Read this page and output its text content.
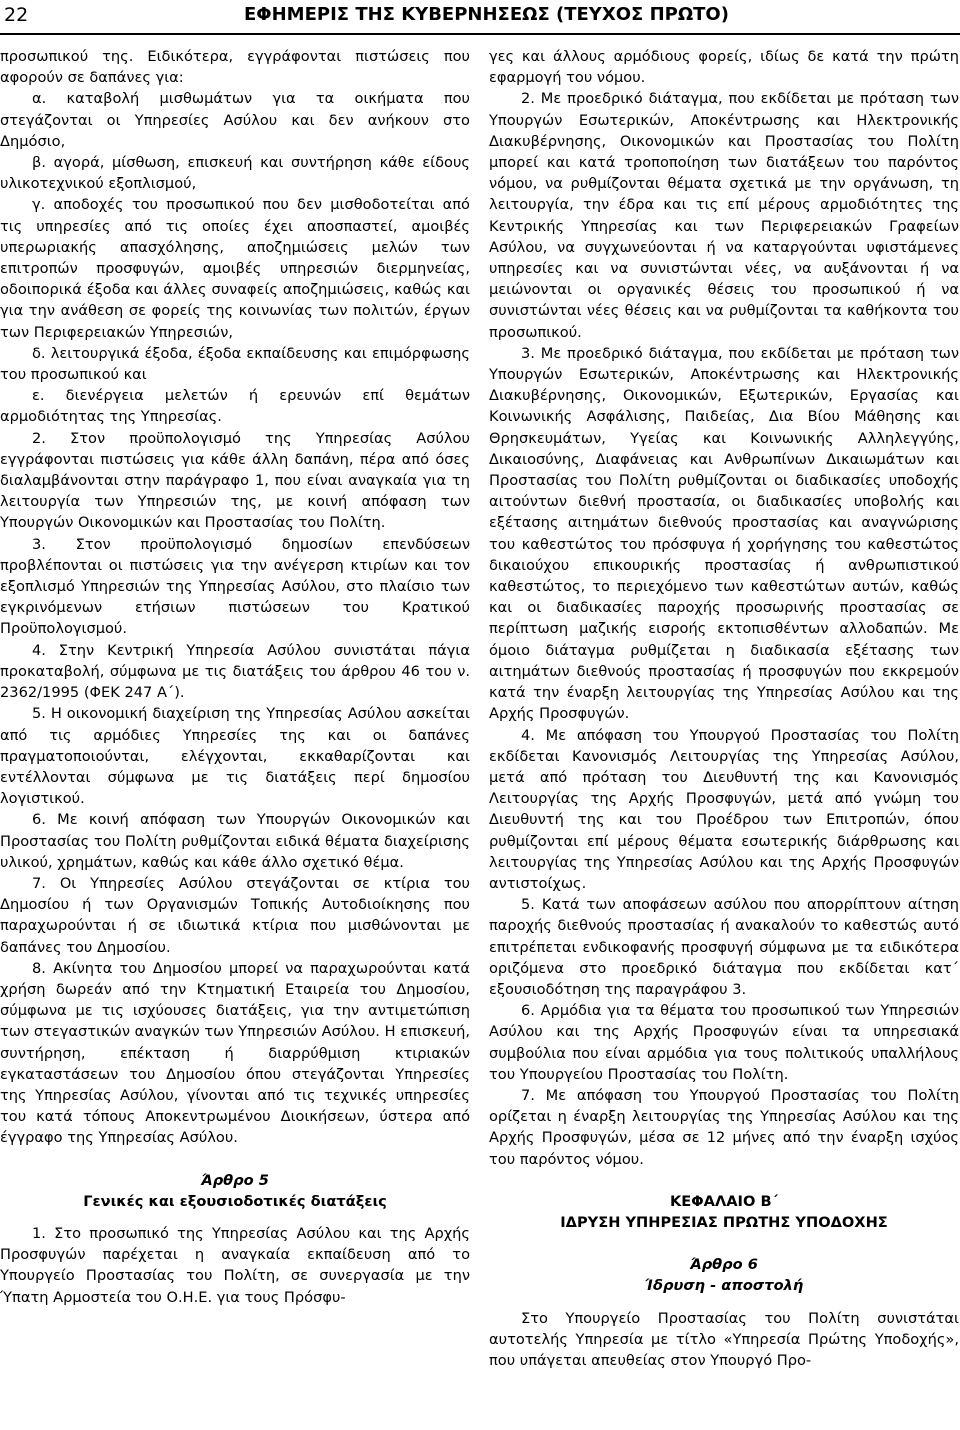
22	ΕΦΗΜΕΡΙΣ ΤΗΣ ΚΥΒΕΡΝΗΣΕΩΣ (ΤΕΥΧΟΣ ΠΡΩΤΟ)

προσωπικού της. Ειδικότερα, εγγράφονται πιστώσεις που αφορούν σε δαπάνες για:

α. καταβολή μισθωμάτων για τα οικήματα που στεγάζονται οι Υπηρεσίες Ασύλου και δεν ανήκουν στο Δημόσιο,

β. αγορά, μίσθωση, επισκευή και συντήρηση κάθε είδους υλικοτεχνικού εξοπλισμού,

γ. αποδοχές του προσωπικού που δεν μισθοδοτείται από τις υπηρεσίες από τις οποίες έχει αποσπαστεί, αμοιβές υπερωριακής απασχόλησης, αποζημιώσεις μελών των επιτροπών προσφυγών, αμοιβές υπηρεσιών διερμηνείας, οδοιπορικά έξοδα και άλλες συναφείς αποζημιώσεις, καθώς και για την ανάθεση σε φορείς της κοινωνίας των πολιτών, έργων των Περιφερειακών Υπηρεσιών,

δ. λειτουργικά έξοδα, έξοδα εκπαίδευσης και επιμόρφωσης του προσωπικού και

ε. διενέργεια μελετών ή ερευνών επί θεμάτων αρμοδιότητας της Υπηρεσίας.

2. Στον προϋπολογισμό της Υπηρεσίας Ασύλου εγγράφονται πιστώσεις για κάθε άλλη δαπάνη, πέρα από όσες διαλαμβάνονται στην παράγραφο 1, που είναι αναγκαία για τη λειτουργία των Υπηρεσιών της, με κοινή απόφαση των Υπουργών Οικονομικών και Προστασίας του Πολίτη.

3. Στον προϋπολογισμό δημοσίων επενδύσεων προβλέπονται οι πιστώσεις για την ανέγερση κτιρίων και τον εξοπλισμό Υπηρεσιών της Υπηρεσίας Ασύλου, στο πλαίσιο των εγκρινόμενων ετήσιων πιστώσεων του Κρατικού Προϋπολογισμού.

4. Στην Κεντρική Υπηρεσία Ασύλου συνιστάται πάγια προκαταβολή, σύμφωνα με τις διατάξεις του άρθρου 46 του ν. 2362/1995 (ΦΕΚ 247 Α΄).

5. Η οικονομική διαχείριση της Υπηρεσίας Ασύλου ασκείται από τις αρμόδιες Υπηρεσίες της και οι δαπάνες πραγματοποιούνται, ελέγχονται, εκκαθαρίζονται και εντέλλονται σύμφωνα με τις διατάξεις περί δημοσίου λογιστικού.

6. Με κοινή απόφαση των Υπουργών Οικονομικών και Προστασίας του Πολίτη ρυθμίζονται ειδικά θέματα διαχείρισης υλικού, χρημάτων, καθώς και κάθε άλλο σχετικό θέμα.

7. Οι Υπηρεσίες Ασύλου στεγάζονται σε κτίρια του Δημοσίου ή των Οργανισμών Τοπικής Αυτοδιοίκησης που παραχωρούνται ή σε ιδιωτικά κτίρια που μισθώνονται με δαπάνες του Δημοσίου.

8. Ακίνητα του Δημοσίου μπορεί να παραχωρούνται κατά χρήση δωρεάν από την Κτηματική Εταιρεία του Δημοσίου, σύμφωνα με τις ισχύουσες διατάξεις, για την αντιμετώπιση των στεγαστικών αναγκών των Υπηρεσιών Ασύλου. Η επισκευή, συντήρηση, επέκταση ή διαρρύθμιση κτιριακών εγκαταστάσεων του Δημοσίου όπου στεγάζονται Υπηρεσίες της Υπηρεσίας Ασύλου, γίνονται από τις τεχνικές υπηρεσίες του κατά τόπους Αποκεντρωμένου Διοικήσεων, ύστερα από έγγραφο της Υπηρεσίας Ασύλου.

Άρθρο 5

Γενικές και εξουσιοδοτικές διατάξεις

1. Στο προσωπικό της Υπηρεσίας Ασύλου και της Αρχής Προσφυγών παρέχεται η αναγκαία εκπαίδευση από το Υπουργείο Προστασίας του Πολίτη, σε συνεργασία με την Ύπατη Αρμοστεία του Ο.Η.Ε. για τους Πρόσφυ-

γες και άλλους αρμόδιους φορείς, ιδίως δε κατά την πρώτη εφαρμογή του νόμου.

2. Με προεδρικό διάταγμα, που εκδίδεται με πρόταση των Υπουργών Εσωτερικών, Αποκέντρωσης και Ηλεκτρονικής Διακυβέρνησης, Οικονομικών και Προστασίας του Πολίτη μπορεί και κατά τροποποίηση των διατάξεων του παρόντος νόμου, να ρυθμίζονται θέματα σχετικά με την οργάνωση, τη λειτουργία, την έδρα και τις επί μέρους αρμοδιότητες της Κεντρικής Υπηρεσίας και των Περιφερειακών Γραφείων Ασύλου, να συγχωνεύονται ή να καταργούνται υφιστάμενες υπηρεσίες και να συνιστώνται νέες, να αυξάνονται ή να μειώνονται οι οργανικές θέσεις του προσωπικού ή να συνιστώνται νέες θέσεις και να ρυθμίζονται τα καθήκοντα του προσωπικού.

3. Με προεδρικό διάταγμα, που εκδίδεται με πρόταση των Υπουργών Εσωτερικών, Αποκέντρωσης και Ηλεκτρονικής Διακυβέρνησης, Οικονομικών, Εξωτερικών, Εργασίας και Κοινωνικής Ασφάλισης, Παιδείας, Δια Βίου Μάθησης και Θρησκευμάτων, Υγείας και Κοινωνικής Αλληλεγγύης, Δικαιοσύνης, Διαφάνειας και Ανθρωπίνων Δικαιωμάτων και Προστασίας του Πολίτη ρυθμίζονται οι διαδικασίες υποδοχής αιτούντων διεθνή προστασία, οι διαδικασίες υποβολής και εξέτασης αιτημάτων διεθνούς προστασίας και αναγνώρισης του καθεστώτος του πρόσφυγα ή χορήγησης του καθεστώτος δικαιούχου επικουρικής προστασίας ή ανθρωπιστικού καθεστώτος, το περιεχόμενο των καθεστώτων αυτών, καθώς και οι διαδικασίες παροχής προσωρινής προστασίας σε περίπτωση μαζικής εισροής εκτοπισθέντων αλλοδαπών. Με όμοιο διάταγμα ρυθμίζεται η διαδικασία εξέτασης των αιτημάτων διεθνούς προστασίας ή προσφυγών που εκκρεμούν κατά την έναρξη λειτουργίας της Υπηρεσίας Ασύλου και της Αρχής Προσφυγών.

4. Με απόφαση του Υπουργού Προστασίας του Πολίτη εκδίδεται Κανονισμός Λειτουργίας της Υπηρεσίας Ασύλου, μετά από πρόταση του Διευθυντή της και Κανονισμός Λειτουργίας της Αρχής Προσφυγών, μετά από γνώμη του Διευθυντή της και του Προέδρου των Επιτροπών, όπου ρυθμίζονται επί μέρους θέματα εσωτερικής διάρθρωσης και λειτουργίας της Υπηρεσίας Ασύλου και της Αρχής Προσφυγών αντιστοίχως.

5. Κατά των αποφάσεων ασύλου που απορρίπτουν αίτηση παροχής διεθνούς προστασίας ή ανακαλούν το καθεστώς αυτό επιτρέπεται ενδικοφανής προσφυγή σύμφωνα με τα ειδικότερα οριζόμενα στο προεδρικό διάταγμα που εκδίδεται κατ΄ εξουσιοδότηση της παραγράφου 3.

6. Αρμόδια για τα θέματα του προσωπικού των Υπηρεσιών Ασύλου και της Αρχής Προσφυγών είναι τα υπηρεσιακά συμβούλια που είναι αρμόδια για τους πολιτικούς υπαλλήλους του Υπουργείου Προστασίας του Πολίτη.

7. Με απόφαση του Υπουργού Προστασίας του Πολίτη ορίζεται η έναρξη λειτουργίας της Υπηρεσίας Ασύλου και της Αρχής Προσφυγών, μέσα σε 12 μήνες από την έναρξη ισχύος του παρόντος νόμου.

ΚΕΦΑΛΑΙΟ Β΄

ΙΔΡΥΣΗ ΥΠΗΡΕΣΙΑΣ ΠΡΩΤΗΣ ΥΠΟΔΟΧΗΣ

Άρθρο 6

Ίδρυση - αποστολή

Στο Υπουργείο Προστασίας του Πολίτη συνιστάται αυτοτελής Υπηρεσία με τίτλο «Υπηρεσία Πρώτης Υποδοχής», που υπάγεται απευθείας στον Υπουργό Προ-
